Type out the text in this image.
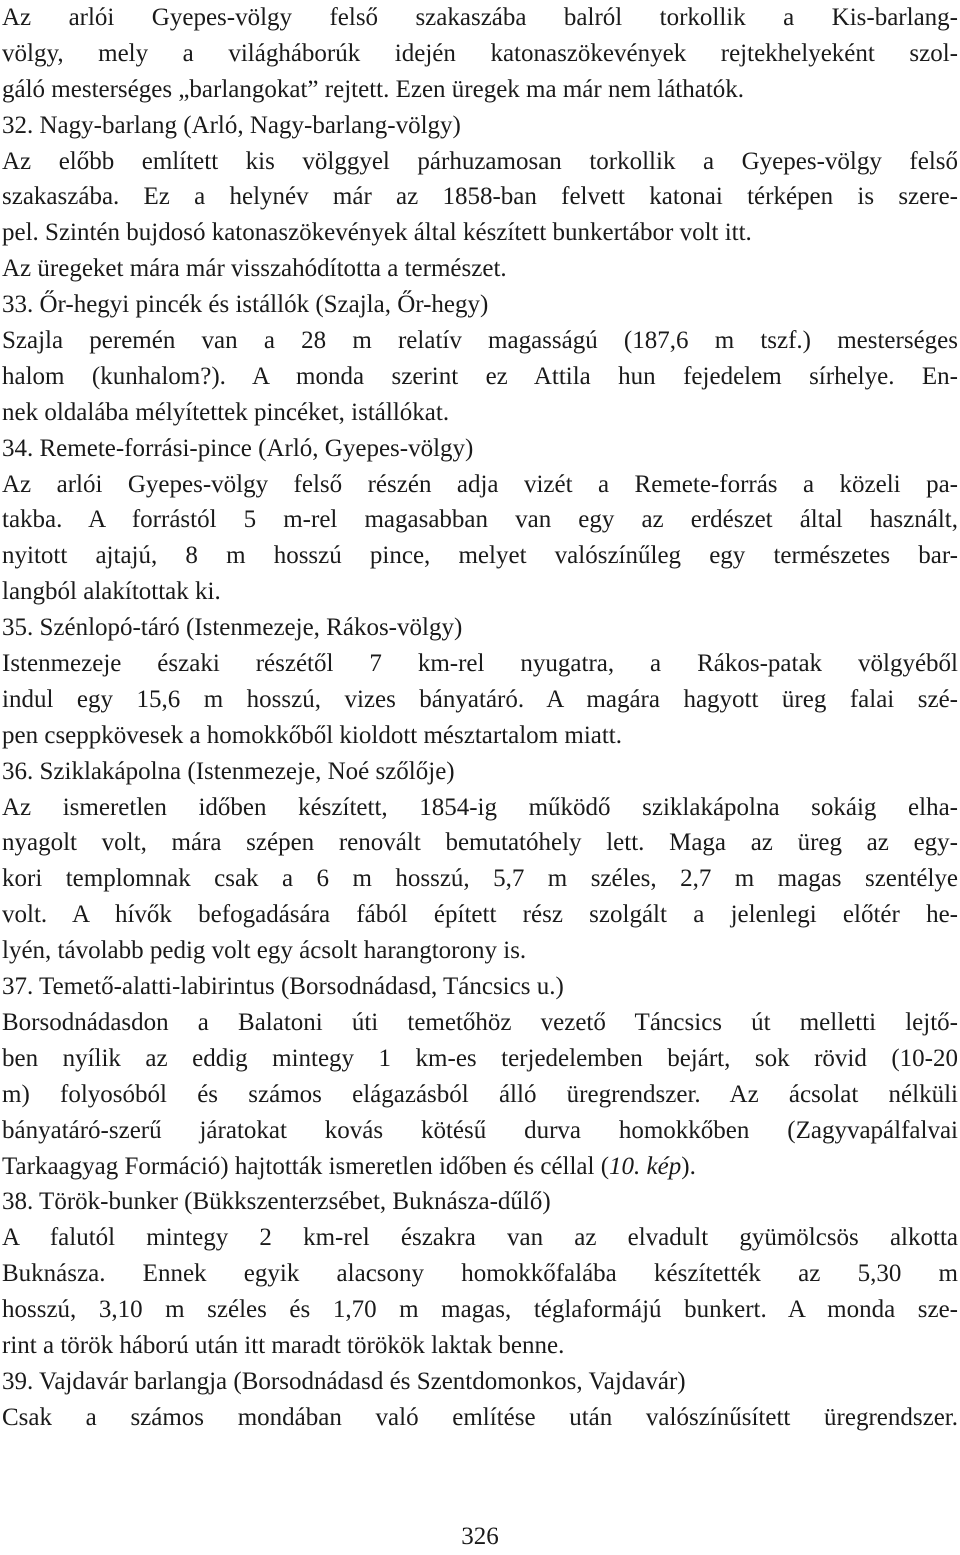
Az arlói Gyepes-völgy felső szakaszába balról torkollik a Kis-barlang-
völgy, mely a világháborúk idején katonaszökevények rejtekhelyeként szol-
gáló mesterséges „barlangokat” rejtett. Ezen üregek ma már nem láthatók.
32. Nagy-barlang (Arló, Nagy-barlang-völgy)
Az előbb említett kis völggyel párhuzamosan torkollik a Gyepes-völgy felső
szakaszába. Ez a helynév már az 1858-ban felvett katonai térképen is szere-
pel. Szintén bujdosó katonaszökevények által készített bunkertábor volt itt.
Az üregeket mára már visszahódította a természet.
33. Őr-hegyi pincék és istállók (Szajla, Őr-hegy)
Szajla peremén van a 28 m relatív magasságú (187,6 m tszf.) mesterséges
halom (kunhalom?). A monda szerint ez Attila hun fejedelem sírhelye. En-
nek oldalába mélyítettek pincéket, istállókat.
34. Remete-forrási-pince (Arló, Gyepes-völgy)
Az arlói Gyepes-völgy felső részén adja vizét a Remete-forrás a közeli pa-
takba. A forrástól 5 m-rel magasabban van egy az erdészet által használt,
nyitott ajtajú, 8 m hosszú pince, melyet valószínűleg egy természetes bar-
langból alakítottak ki.
35. Szénlopó-táró (Istenmezeje, Rákos-völgy)
Istenmezeje északi részétől 7 km-rel nyugatra, a Rákos-patak völgyéből
indul egy 15,6 m hosszú, vizes bányatáró. A magára hagyott üreg falai szé-
pen cseppkövesek a homokkőből kioldott mésztartalom miatt.
36. Sziklakápolna (Istenmezeje, Noé szőlője)
Az ismeretlen időben készített, 1854-ig működő sziklakápolna sokáig elha-
nyagolt volt, mára szépen renovált bemutatóhely lett. Maga az üreg az egy-
kori templomnak csak a 6 m hosszú, 5,7 m széles, 2,7 m magas szentélye
volt. A hívők befogadására fából épített rész szolgált a jelenlegi előtér he-
lyén, távolabb pedig volt egy ácsolt harangtorony is.
37. Temető-alatti-labirintus (Borsodnádasd, Táncsics u.)
Borsodnádasdon a Balatoni úti temetőhöz vezető Táncsics út melletti lejtő-
ben nyílik az eddig mintegy 1 km-es terjedelemben bejárt, sok rövid (10-20
m) folyosóból és számos elágazásból álló üregrendszer. Az ácsolat nélküli
bányatáró-szerű járatokat kovás kötésű durva homokkőben (Zagyvapálfalvai
Tarkaagyag Formáció) hajtották ismeretlen időben és céllal (10. kép).
38. Török-bunker (Bükkszenterzsébet, Buknásza-dűlő)
A falutól mintegy 2 km-rel északra van az elvadult gyümölcsös alkotta
Buknásza. Ennek egyik alacsony homokkőfalába készítették az 5,30 m
hosszú, 3,10 m széles és 1,70 m magas, téglaformájú bunkert. A monda sze-
rint a török háború után itt maradt törökök laktak benne.
39. Vajdavár barlangja (Borsodnádasd és Szentdomonkos, Vajdavár)
Csak a számos mondában való említése után valószínűsített üregrendszer.
326
